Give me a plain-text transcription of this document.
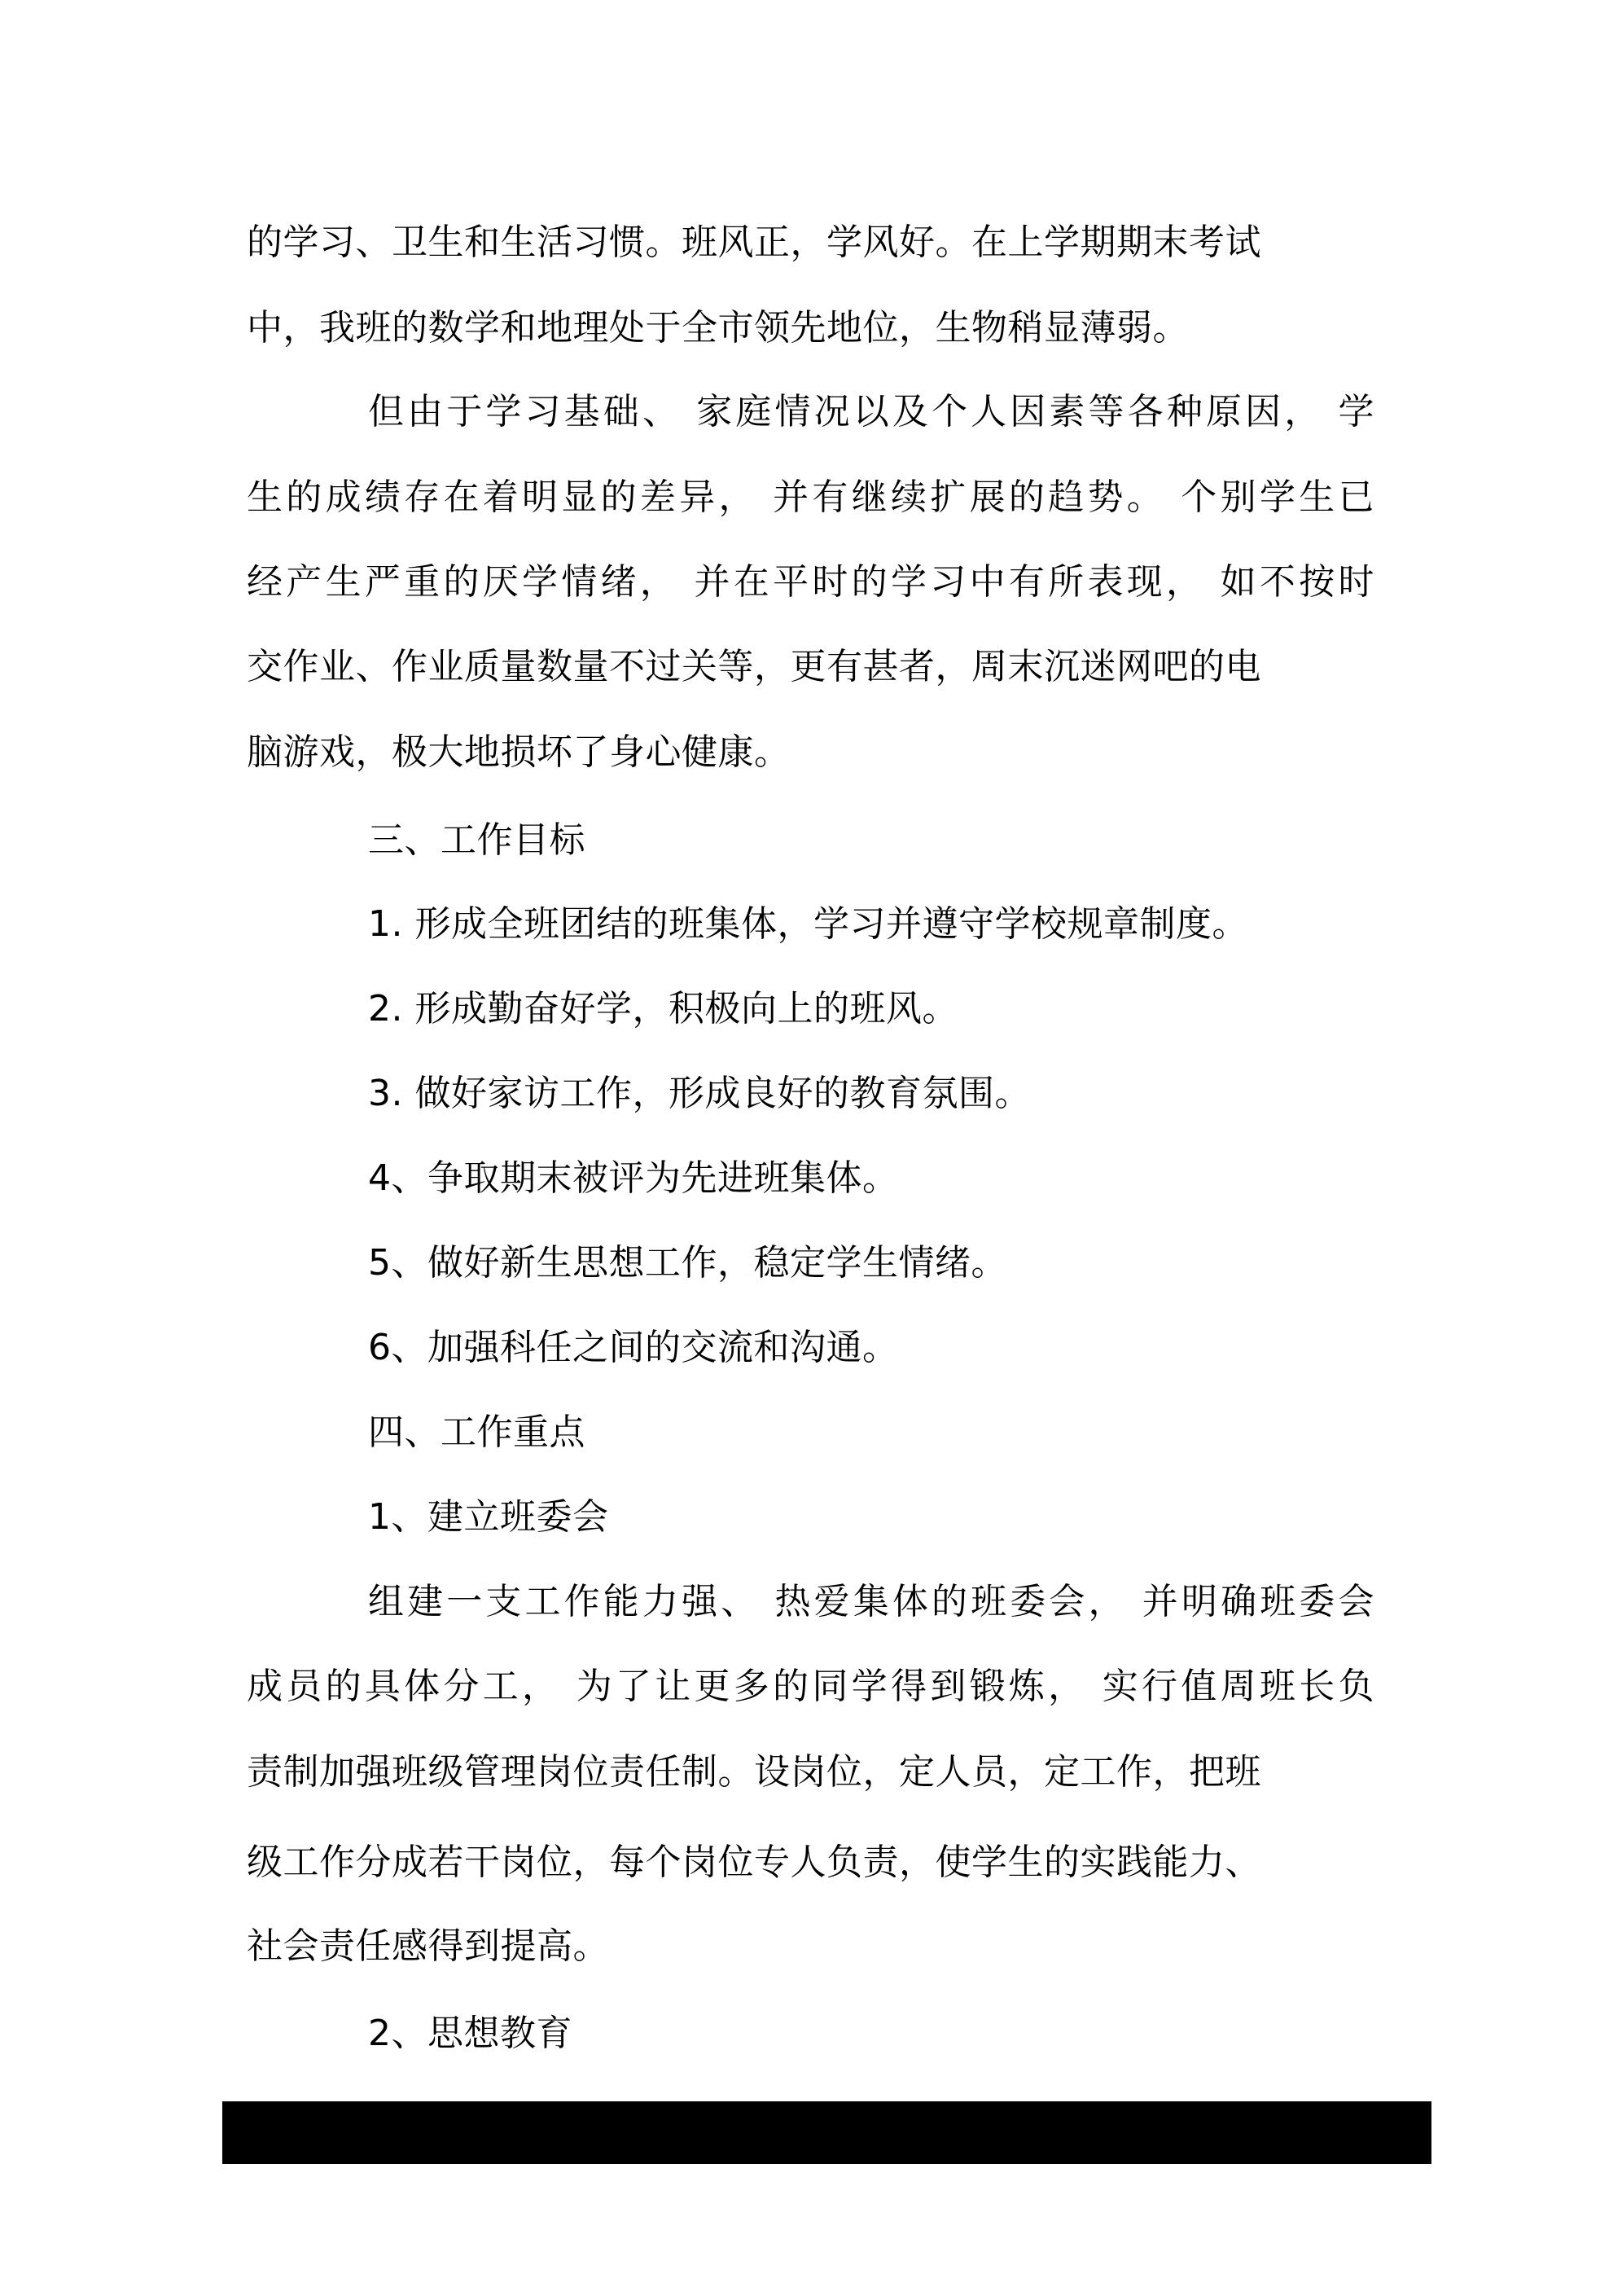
的学习、卫生和生活习惯。班风正，学风好。在上学期期末考试
中，我班的数学和地理处于全市领先地位，生物稍显薄弱。
但由于学习基础、 家庭情况以及个人因素等各种原因， 学
生的成绩存在着明显的差异， 并有继续扩展的趋势。 个别学生已
经产生严重的厌学情绪， 并在平时的学习中有所表现， 如不按时
交作业、作业质量数量不过关等，更有甚者，周末沉迷网吧的电
脑游戏，极大地损坏了身心健康。
三、工作目标
1. 形成全班团结的班集体，学习并遵守学校规章制度。
2. 形成勤奋好学，积极向上的班风。
3. 做好家访工作，形成良好的教育氛围。
4、争取期末被评为先进班集体。
5、做好新生思想工作，稳定学生情绪。
6、加强科任之间的交流和沟通。
四、工作重点
1、建立班委会
组建一支工作能力强、 热爱集体的班委会， 并明确班委会
成员的具体分工， 为了让更多的同学得到锻炼， 实行值周班长负
责制加强班级管理岗位责任制。设岗位，定人员，定工作，把班
级工作分成若干岗位，每个岗位专人负责，使学生的实践能力、
社会责任感得到提高。
2、思想教育
